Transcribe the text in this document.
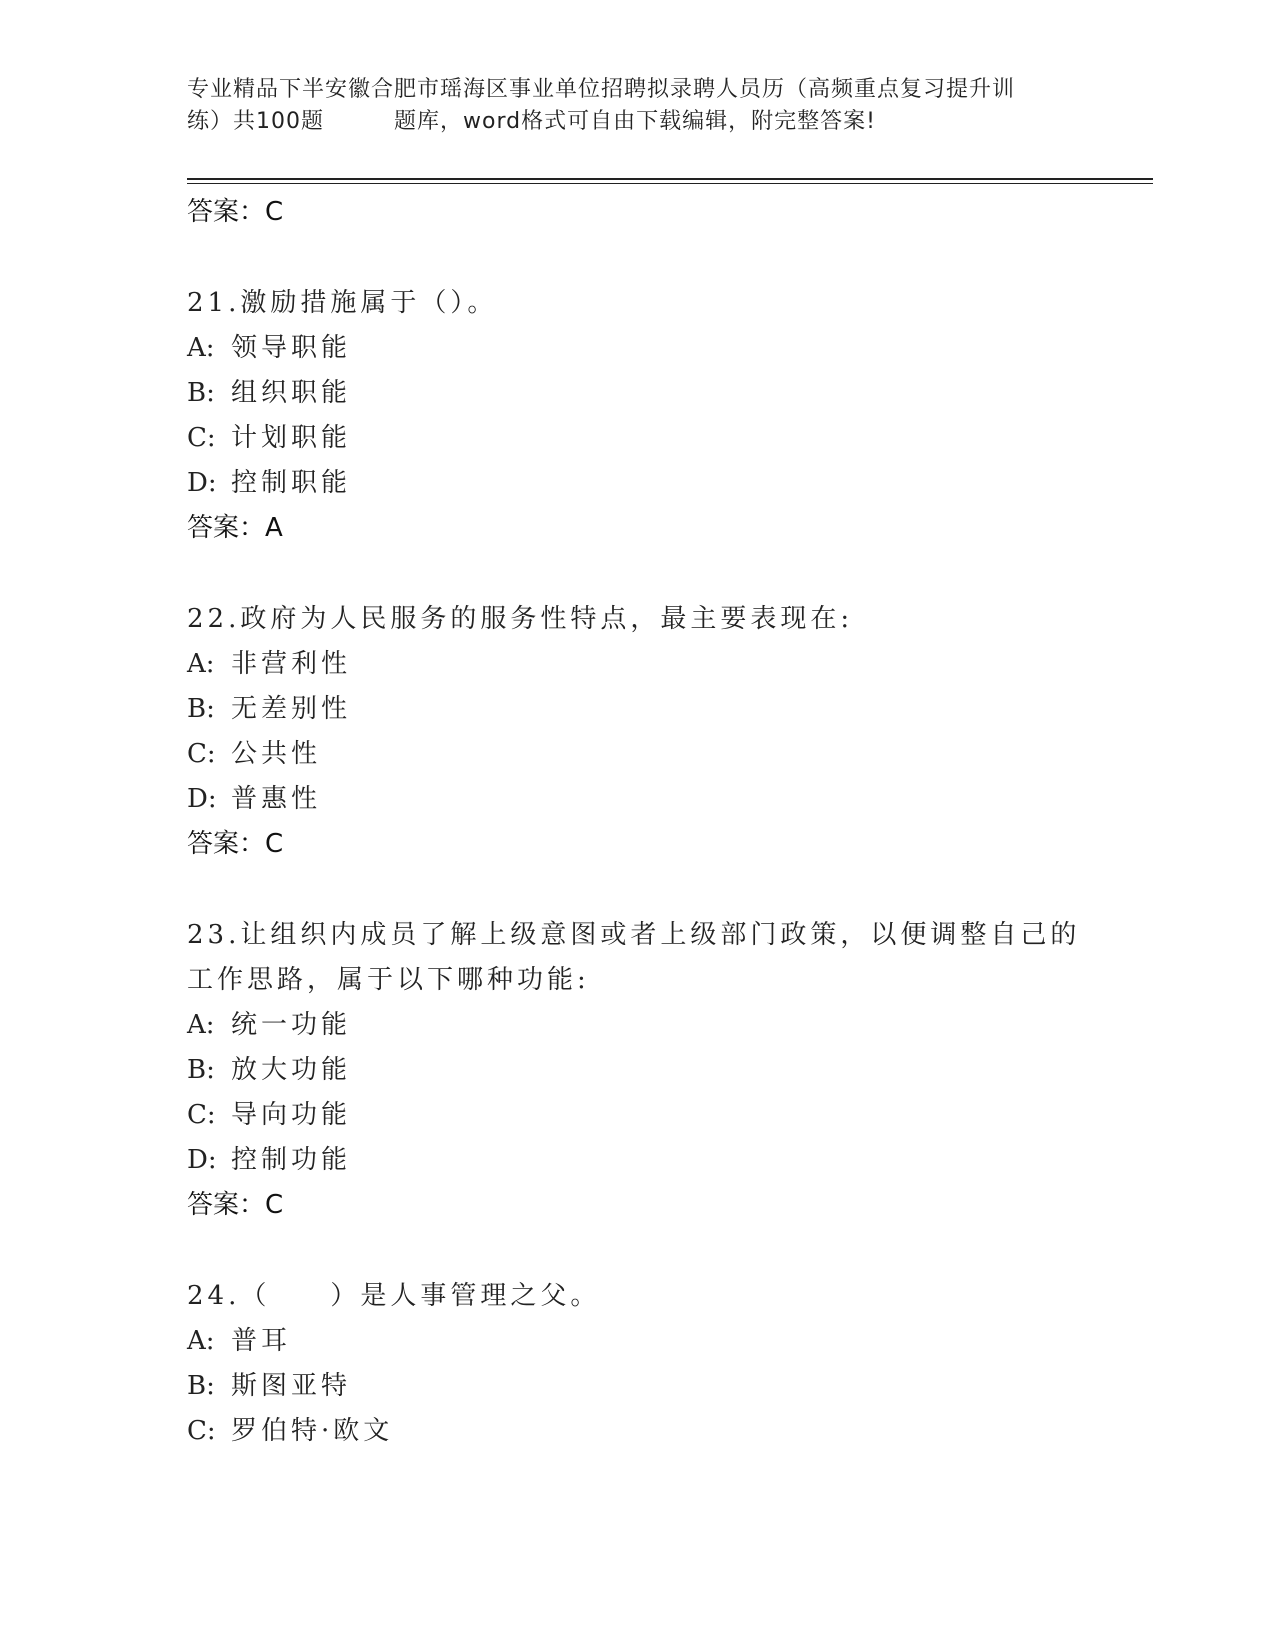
专业精品下半安徽合肥市瑶海区事业单位招聘拟录聘人员历（高频重点复习提升训
练）共100题	题库，word格式可自由下载编辑，附完整答案!
答案：C
21.激励措施属于（）。
A: 领导职能
B: 组织职能
C: 计划职能
D: 控制职能
答案：A
22.政府为人民服务的服务性特点，最主要表现在:
A: 非营利性
B: 无差别性
C: 公共性
D: 普惠性
答案：C
23.让组织内成员了解上级意图或者上级部门政策，以便调整自己的工作思路，属于以下哪种功能:
A: 统一功能
B: 放大功能
C: 导向功能
D: 控制功能
答案：C
24.（　　）是人事管理之父。
A: 普耳
B: 斯图亚特
C: 罗伯特·欧文
